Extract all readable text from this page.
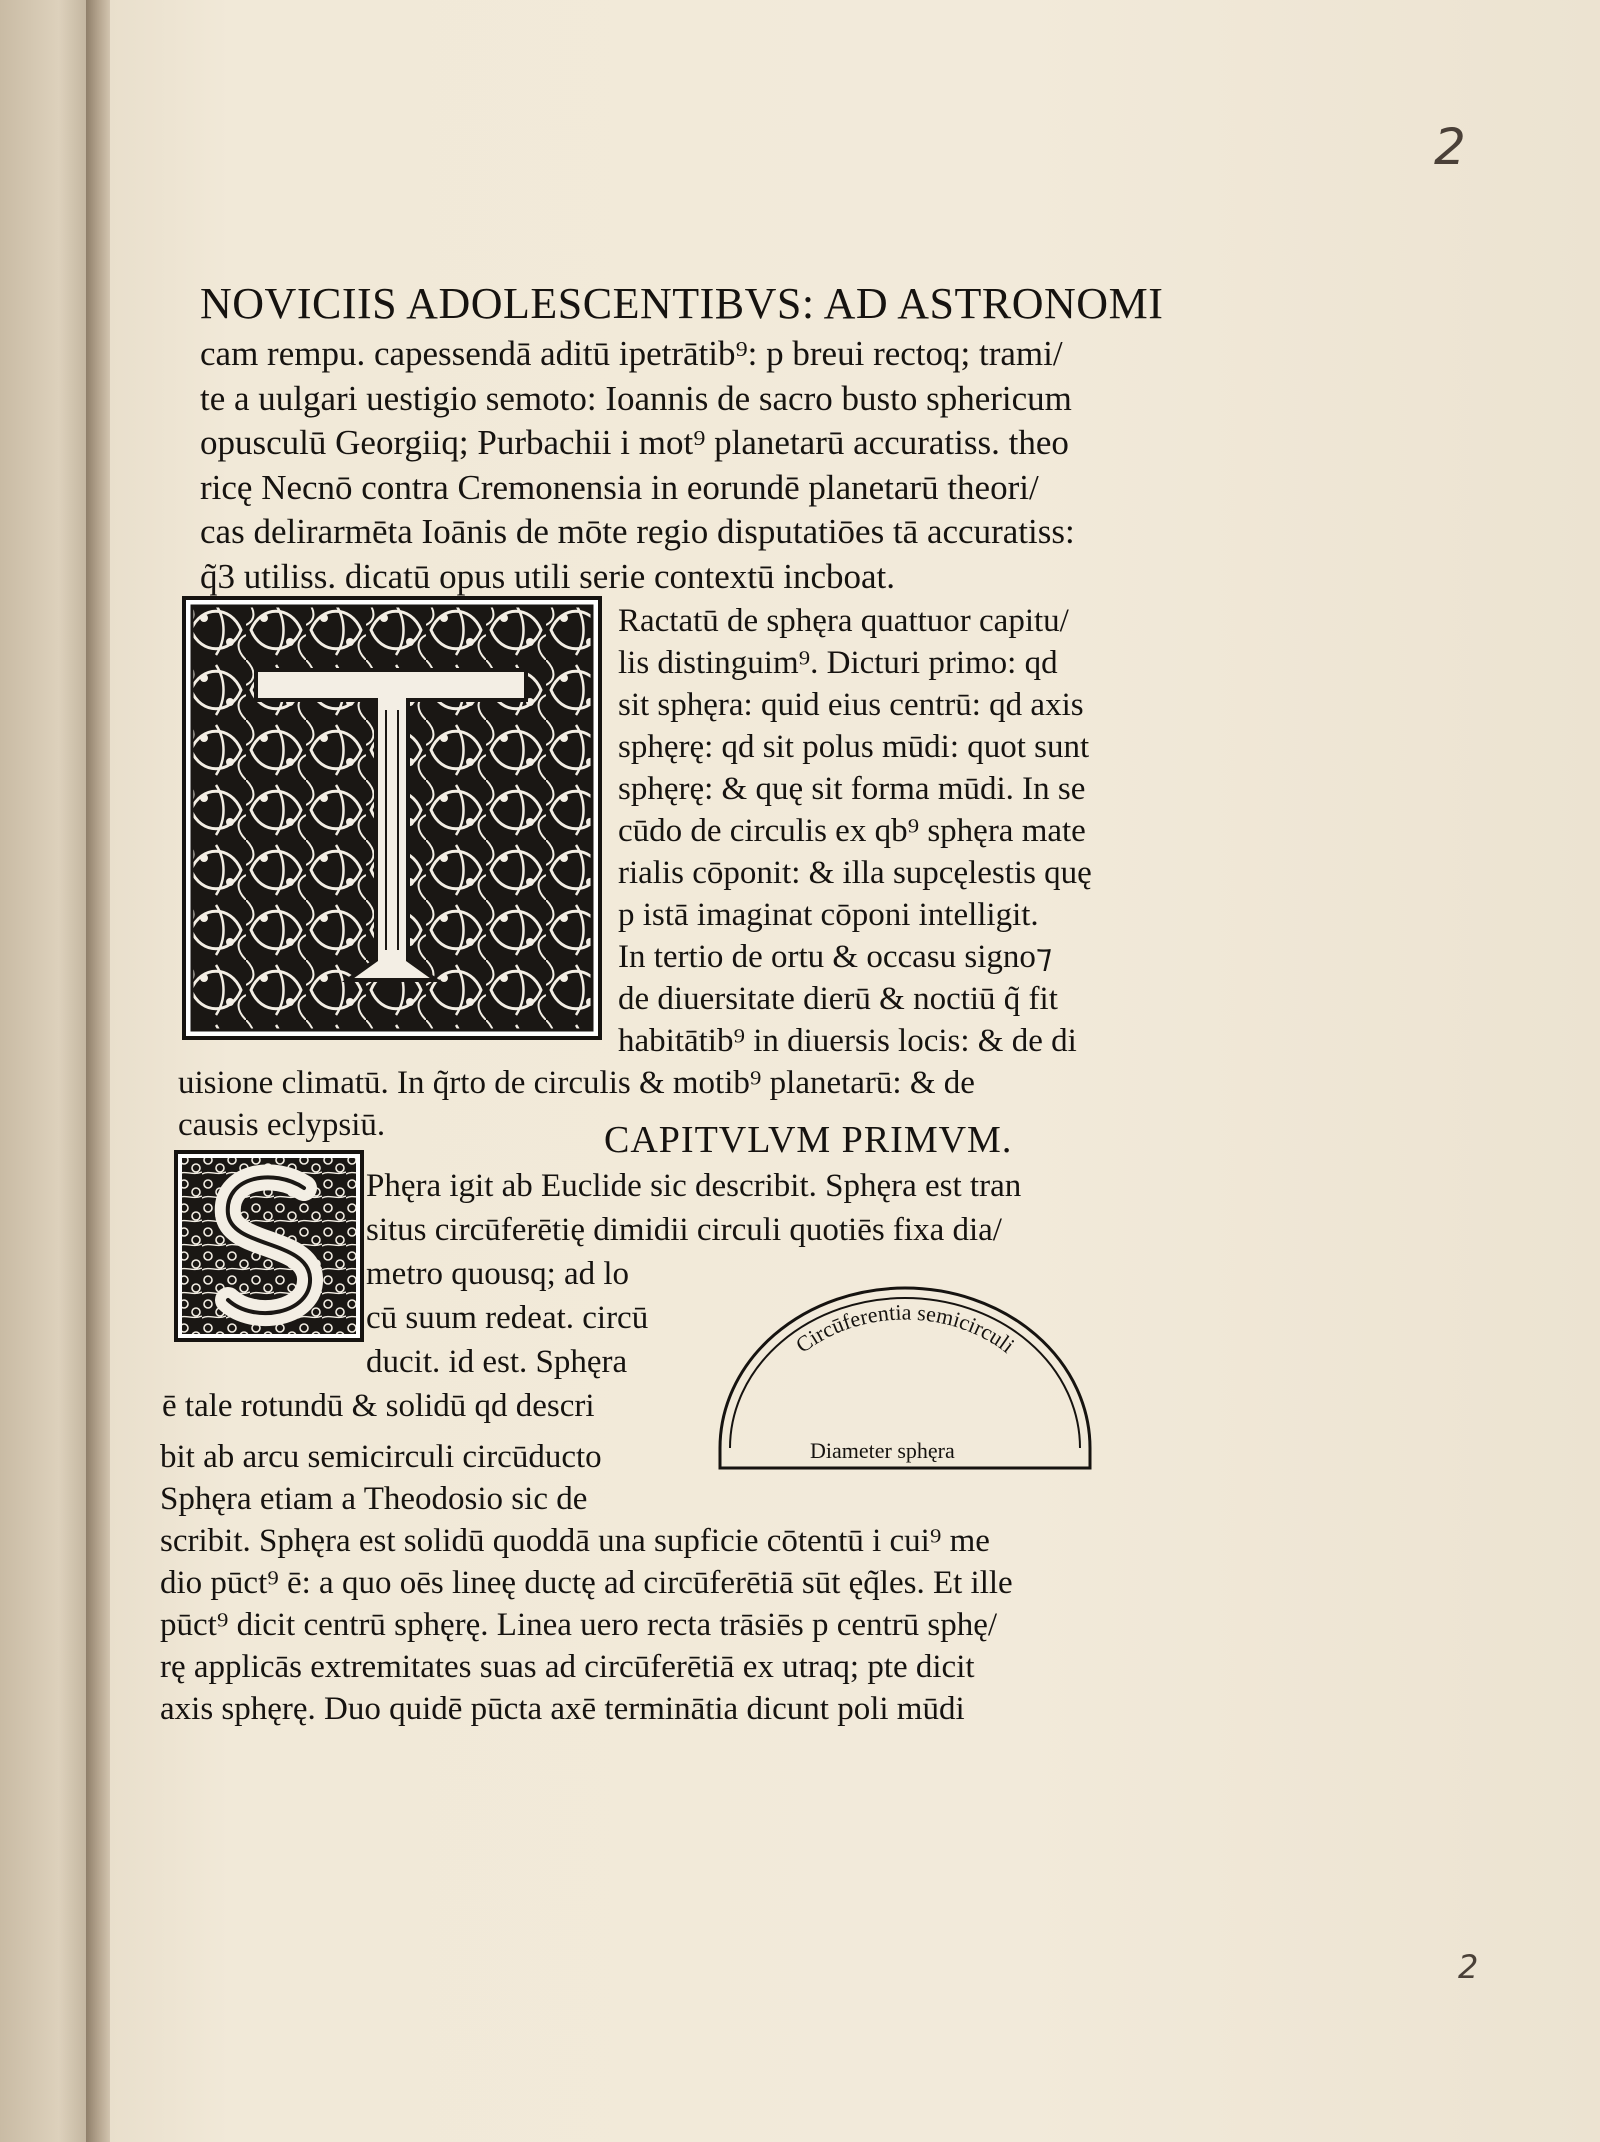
2
2
NOVICIIS ADOLESCENTIBVS: AD ASTRONOMI
cam rempu. capessendā aditū ipetrātib⁹: p breui rectoq; trami/
te a uulgari uestigio semoto: Ioannis de sacro busto sphericum
opusculū Georgiiq; Purbachii i mot⁹ planetarū accuratiss. theo
ricę Necnō contra Cremonensia in eorundē planetarū theori/
cas delirarmēta Ioānis de mōte regio disputatiōes tā accuratiss:
q̃3 utiliss. dicatū opus utili serie contextū incboat.
Ractatū de sphęra quattuor capitu/
lis distinguim⁹. Dicturi primo: qd
sit sphęra: quid eius centrū: qd axis
sphęrę: qd sit polus mūdi: quot sunt
sphęrę: & quę sit forma mūdi. In se
cūdo de circulis ex qb⁹ sphęra mate
rialis cōponit: & illa supcęlestis quę
p istā imaginat cōponi intelligit.
In tertio de ortu & occasu signo⁊
de diuersitate dierū & noctiū q̃ fit
habitātib⁹ in diuersis locis: & de di
uisione climatū. In q̃rto de circulis & motib⁹ planetarū: & de
causis eclypsiū.	CAPITVLVM PRIMVM.
Phęra igit ab Euclide sic describit. Sphęra est tran
situs circūferētię dimidii circuli quotiēs fixa dia/
metro quousq; ad lo
cū suum redeat. circū
ducit. id est. Sphęra
ē tale rotundū & solidū qd descri
bit ab arcu semicirculi circūducto
Sphęra etiam a Theodosio sic de
Circūferentia semicirculi
Diameter sphęra
scribit. Sphęra est solidū quoddā una supficie cōtentū i cui⁹ me
dio pūct⁹ ē: a quo oēs lineę ductę ad circūferētiā sūt ęq̃les. Et ille
pūct⁹ dicit centrū sphęrę. Linea uero recta trāsiēs p centrū sphę/
rę applicās extremitates suas ad circūferētiā ex utraq; pte dicit
axis sphęrę. Duo quidē pūcta axē terminātia dicunt poli mūdi
